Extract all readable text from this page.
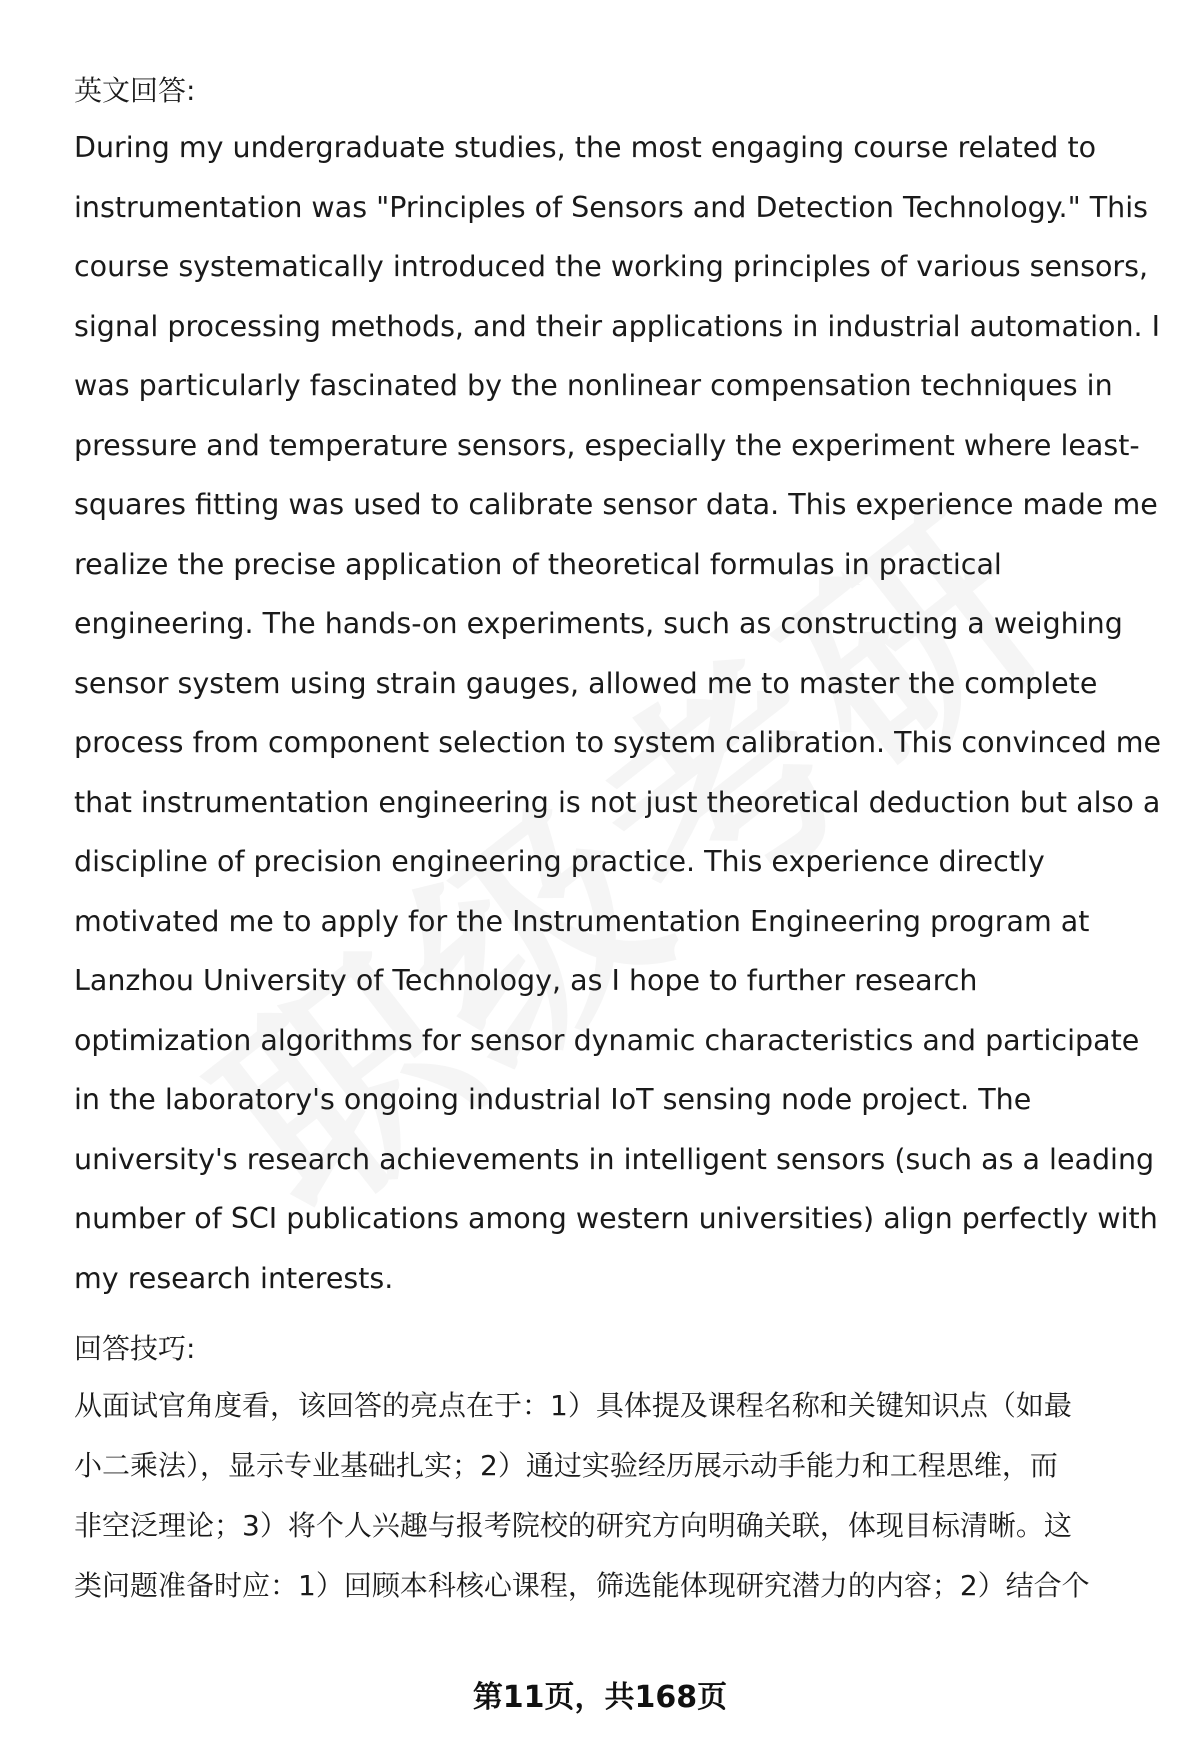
英文回答:

During my undergraduate studies, the most engaging course related to
instrumentation was "Principles of Sensors and Detection Technology." This
course systematically introduced the working principles of various sensors,
signal processing methods, and their applications in industrial automation. I
was particularly fascinated by the nonlinear compensation techniques in
pressure and temperature sensors, especially the experiment where least-
squares fitting was used to calibrate sensor data. This experience made me
realize the precise application of theoretical formulas in practical
engineering. The hands-on experiments, such as constructing a weighing
sensor system using strain gauges, allowed me to master the complete
process from component selection to system calibration. This convinced me
that instrumentation engineering is not just theoretical deduction but also a
discipline of precision engineering practice. This experience directly
motivated me to apply for the Instrumentation Engineering program at
Lanzhou University of Technology, as I hope to further research
optimization algorithms for sensor dynamic characteristics and participate
in the laboratory's ongoing industrial IoT sensing node project. The
university's research achievements in intelligent sensors (such as a leading
number of SCI publications among western universities) align perfectly with
my research interests.

回答技巧:

从面试官角度看，该回答的亮点在于：1）具体提及课程名称和关键知识点（如最
小二乘法），显示专业基础扎实；2）通过实验经历展示动手能力和工程思维，而
非空泛理论；3）将个人兴趣与报考院校的研究方向明确关联，体现目标清晰。这
类问题准备时应：1）回顾本科核心课程，筛选能体现研究潜力的内容；2）结合个
第11页，共168页
